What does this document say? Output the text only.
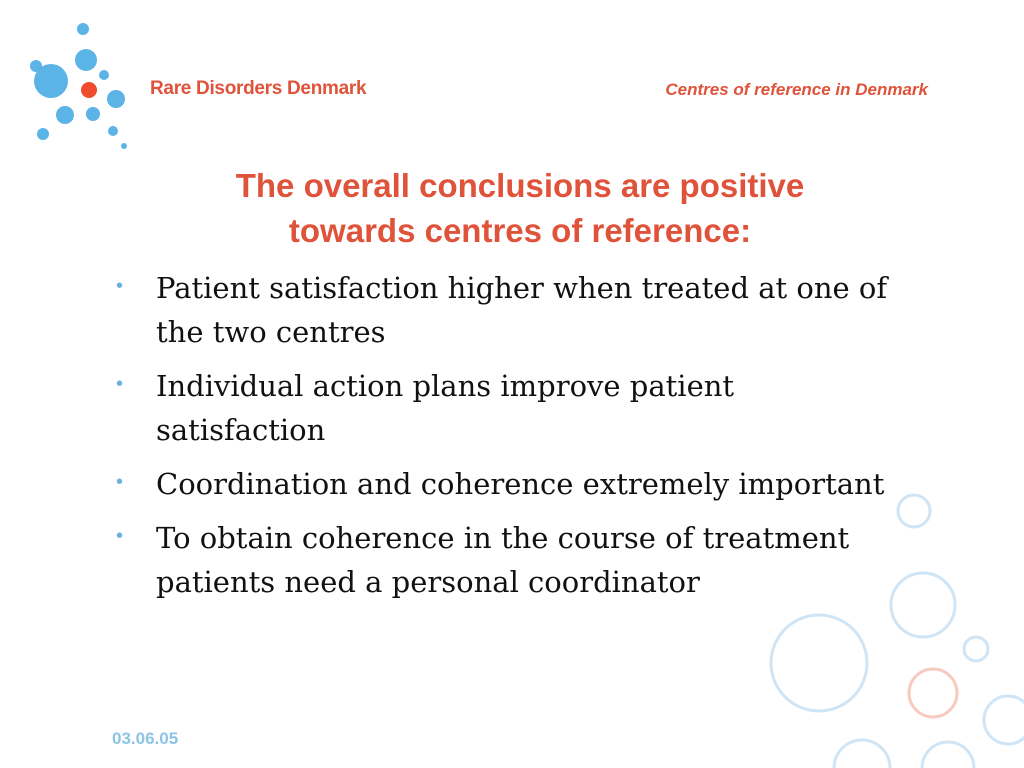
Rare Disorders Denmark	Centres of reference in Denmark
The overall conclusions are positive
towards centres of reference:
• Patient satisfaction higher when treated at one of the two centres
• Individual action plans improve patient satisfaction
• Coordination and coherence extremely important
• To obtain coherence in the course of treatment patients need a personal coordinator
03.06.05
